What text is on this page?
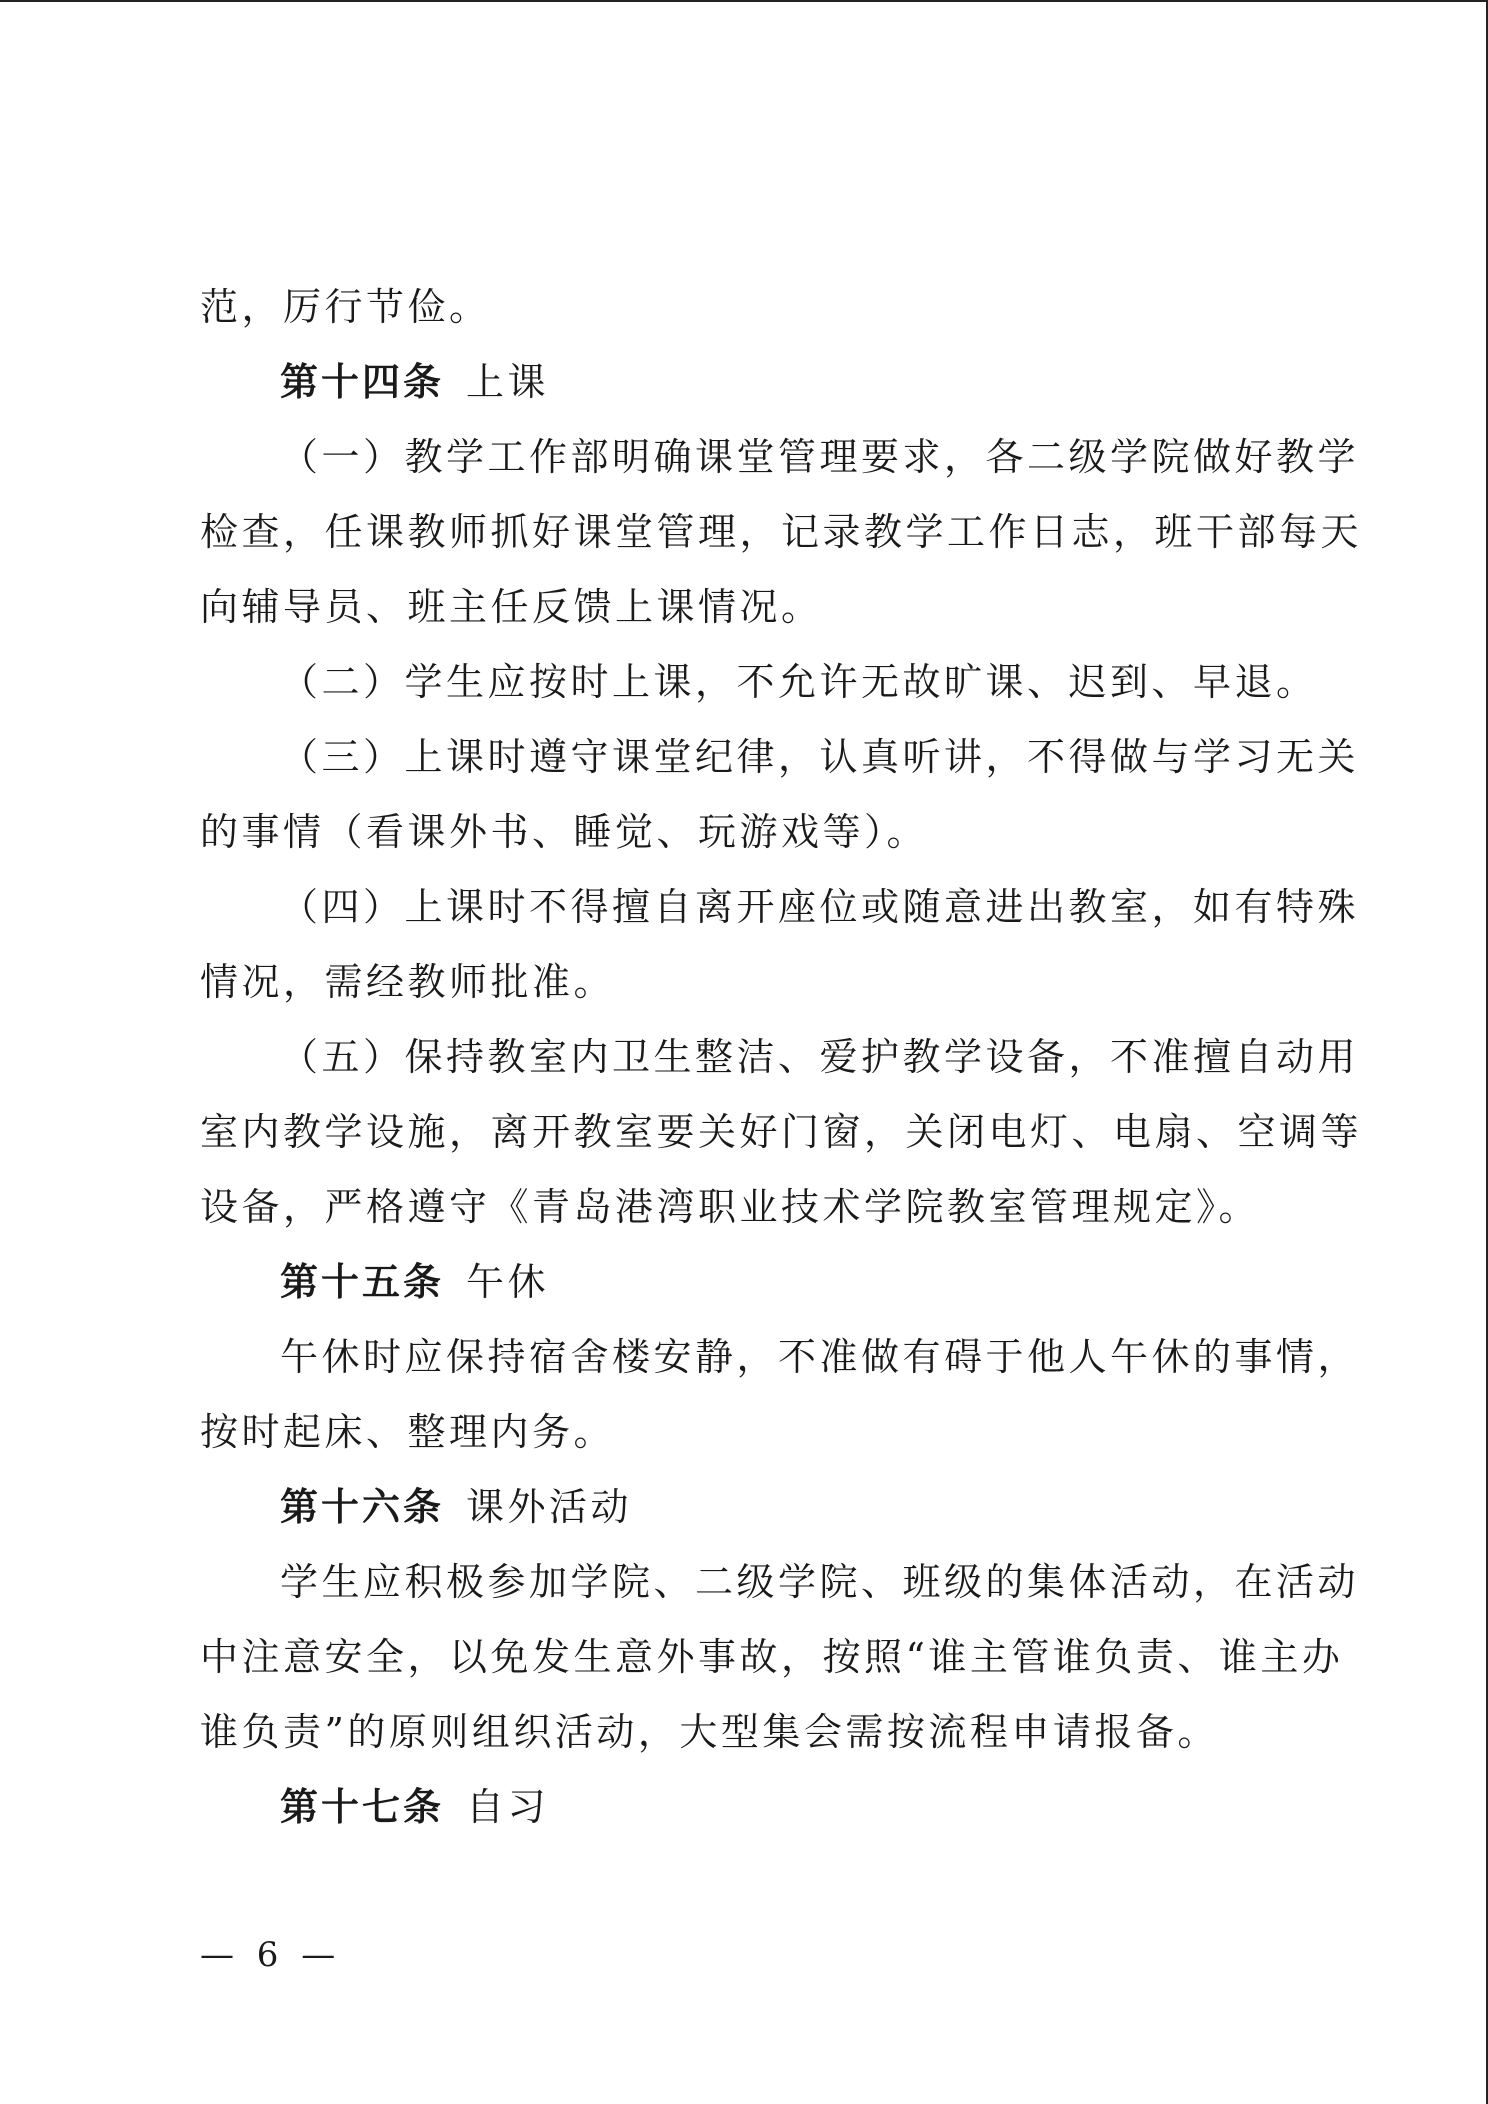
范，厉行节俭。
第十四条 上课
（一）教学工作部明确课堂管理要求，各二级学院做好教学
检查，任课教师抓好课堂管理，记录教学工作日志，班干部每天
向辅导员、班主任反馈上课情况。
（二）学生应按时上课，不允许无故旷课、迟到、早退。
（三）上课时遵守课堂纪律，认真听讲，不得做与学习无关
的事情（看课外书、睡觉、玩游戏等）。
（四）上课时不得擅自离开座位或随意进出教室，如有特殊
情况，需经教师批准。
（五）保持教室内卫生整洁、爱护教学设备，不准擅自动用
室内教学设施，离开教室要关好门窗，关闭电灯、电扇、空调等
设备，严格遵守《青岛港湾职业技术学院教室管理规定》。
第十五条 午休
午休时应保持宿舍楼安静，不准做有碍于他人午休的事情，
按时起床、整理内务。
第十六条 课外活动
学生应积极参加学院、二级学院、班级的集体活动，在活动
中注意安全，以免发生意外事故，按照“谁主管谁负责、谁主办
谁负责”的原则组织活动，大型集会需按流程申请报备。
第十七条 自习
— 6 —
